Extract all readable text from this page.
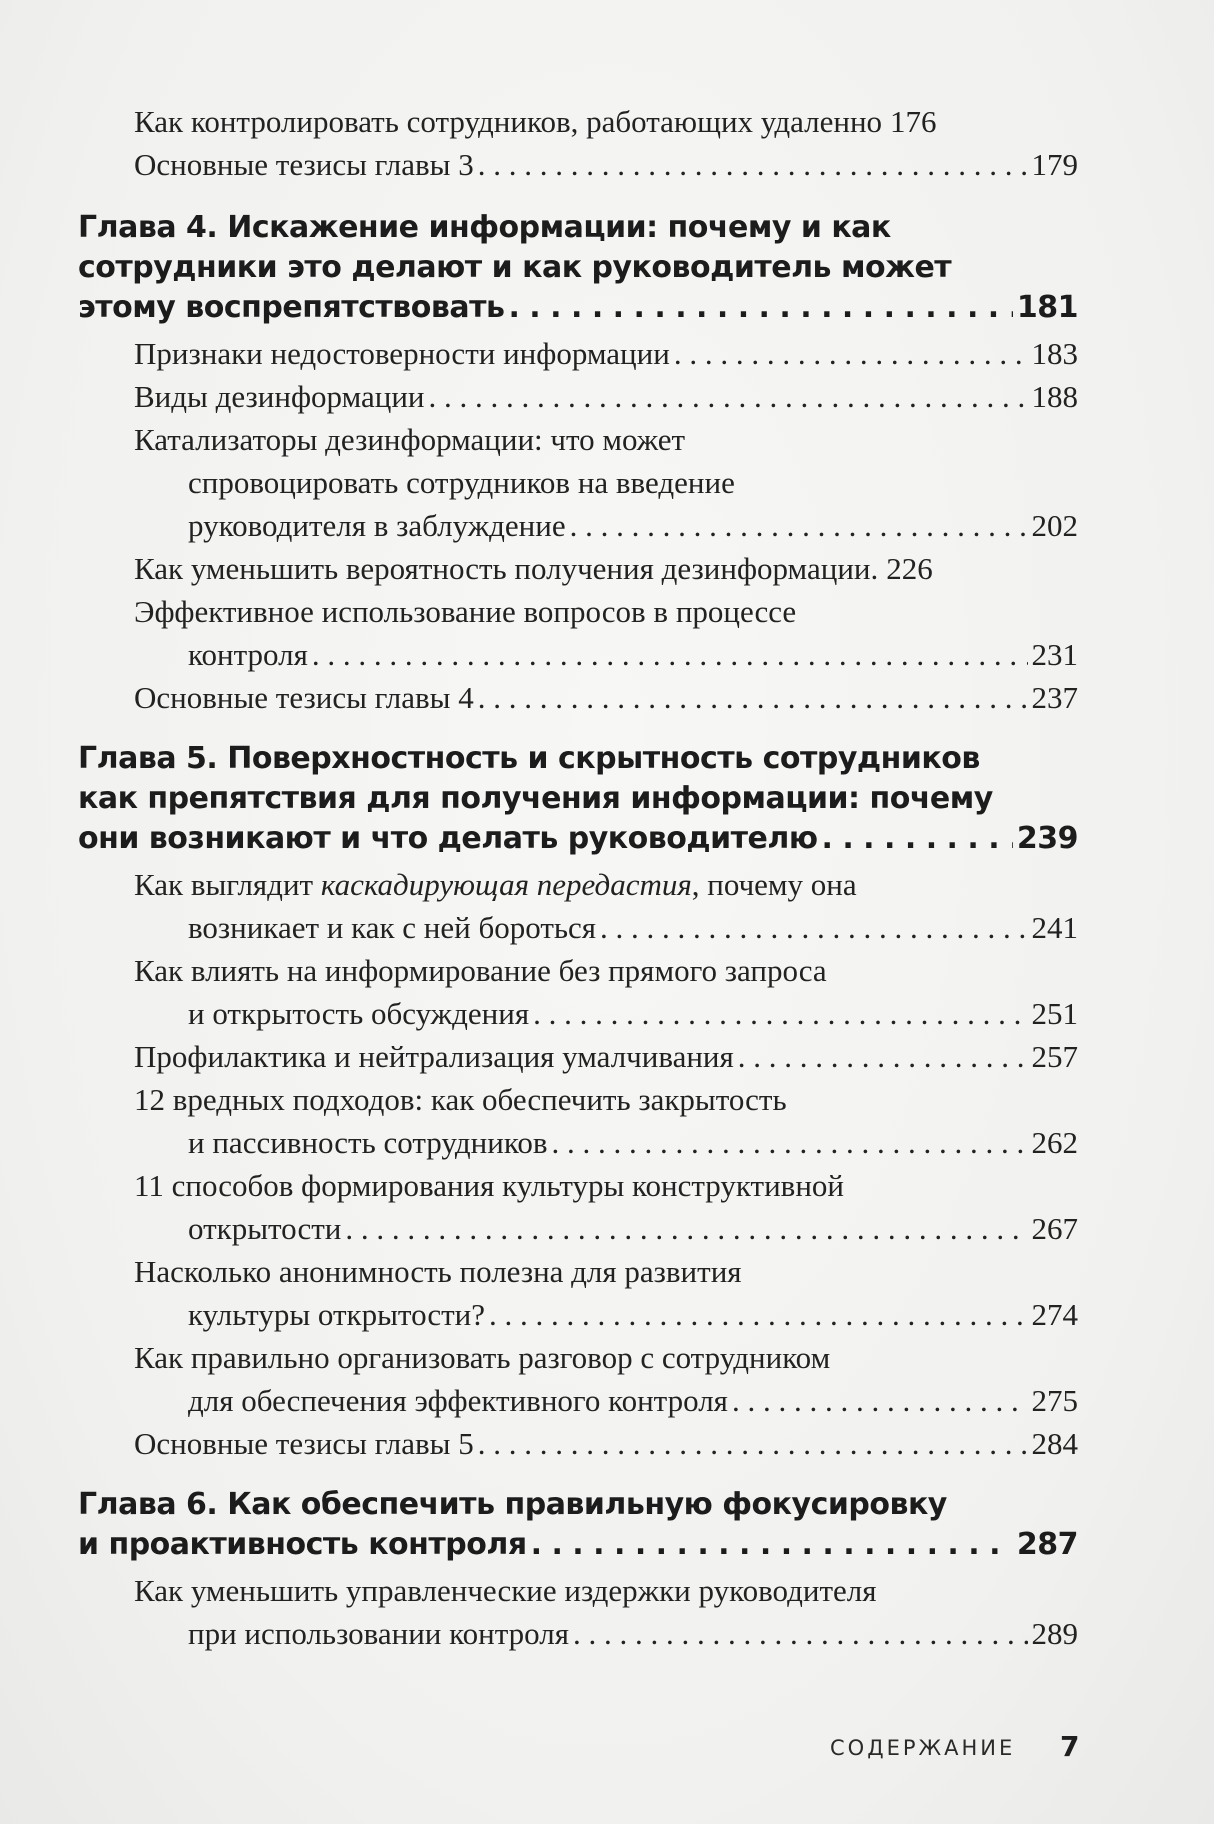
Как контролировать сотрудников, работающих удаленно 176
Основные тезисы главы 3 . . .	179
Глава 4. Искажение информации: почему и как
сотрудники это делают и как руководитель может
этому воспрепятствовать . . .	181
Признаки недостоверности информации . . .	183
Виды дезинформации . . .	188
Катализаторы дезинформации: что может
спровоцировать сотрудников на введение
руководителя в заблуждение . . .	202
Как уменьшить вероятность получения дезинформации. 226
Эффективное использование вопросов в процессе
контроля . . .	231
Основные тезисы главы 4 . . .	237
Глава 5. Поверхностность и скрытность сотрудников
как препятствия для получения информации: почему
они возникают и что делать руководителю . . .	239
Как выглядит каскадирующая передастия, почему она
возникает и как с ней бороться . . .	241
Как влиять на информирование без прямого запроса
и открытость обсуждения . . .	251
Профилактика и нейтрализация умалчивания . . .	257
12 вредных подходов: как обеспечить закрытость
и пассивность сотрудников . . .	262
11 способов формирования культуры конструктивной
открытости . . .	267
Насколько анонимность полезна для развития
культуры открытости? . . .	274
Как правильно организовать разговор с сотрудником
для обеспечения эффективного контроля . . .	275
Основные тезисы главы 5 . . .	284
Глава 6. Как обеспечить правильную фокусировку
и проактивность контроля . . .	287
Как уменьшить управленческие издержки руководителя
при использовании контроля . . .	289
СОДЕРЖАНИЕ 7
